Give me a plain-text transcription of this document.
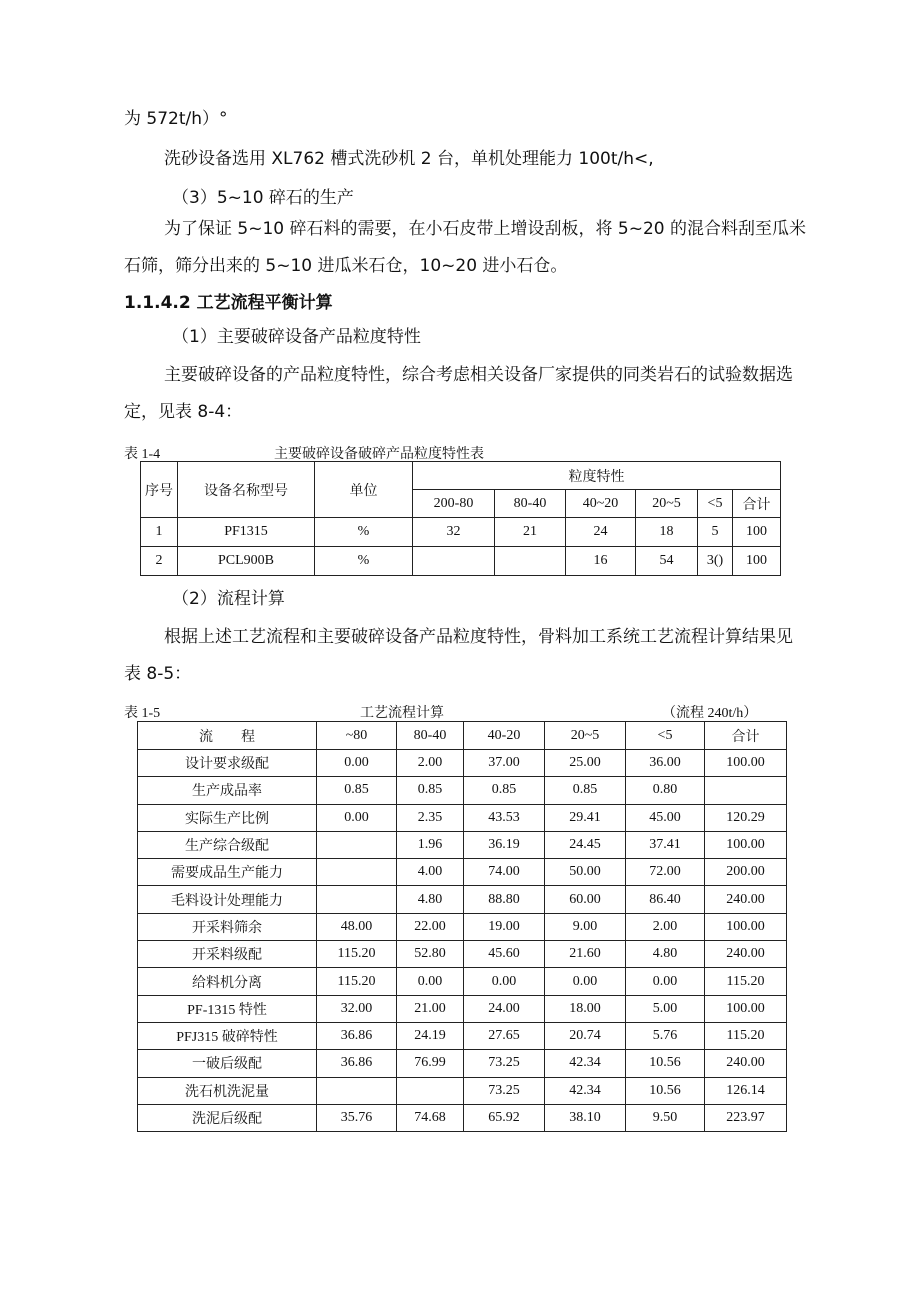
为 572t/h）°
洗砂设备选用 XL762 槽式洗砂机 2 台，单机处理能力 100t/h<,
（3）5~10 碎石的生产
为了保证 5~10 碎石料的需要，在小石皮带上增设刮板，将 5~20 的混合料刮至瓜米
石筛，筛分出来的 5~10 进瓜米石仓，10~20 进小石仓。
1.1.4.2 工艺流程平衡计算
（1）主要破碎设备产品粒度特性
主要破碎设备的产品粒度特性，综合考虑相关设备厂家提供的同类岩石的试验数据选
定，见表 8-4：
表 1-4	主要破碎设备破碎产品粒度特性表
序号	设备名称型号	单位	粒度特性					
			200-80	80-40	40~20	20~5	<5	合计
1	PF1315	%	32	21	24	18	5	100
2	PCL900B	%			16	54	3()	100
（2）流程计算
根据上述工艺流程和主要破碎设备产品粒度特性，骨料加工系统工艺流程计算结果见
表 8-5：
表 1-5	工艺流程计算	（流程 240t/h）
流　　程	~80	80-40	40-20	20~5	<5	合计
设计要求级配	0.00	2.00	37.00	25.00	36.00	100.00
生产成品率	0.85	0.85	0.85	0.85	0.80	
实际生产比例	0.00	2.35	43.53	29.41	45.00	120.29
生产综合级配		1.96	36.19	24.45	37.41	100.00
需要成品生产能力		4.00	74.00	50.00	72.00	200.00
毛料设计处理能力		4.80	88.80	60.00	86.40	240.00
开采料筛余	48.00	22.00	19.00	9.00	2.00	100.00
开采料级配	115.20	52.80	45.60	21.60	4.80	240.00
给料机分离	115.20	0.00	0.00	0.00	0.00	115.20
PF-1315 特性	32.00	21.00	24.00	18.00	5.00	100.00
PFJ315 破碎特性	36.86	24.19	27.65	20.74	5.76	115.20
一破后级配	36.86	76.99	73.25	42.34	10.56	240.00
洗石机洗泥量			73.25	42.34	10.56	126.14
洗泥后级配	35.76	74.68	65.92	38.10	9.50	223.97
